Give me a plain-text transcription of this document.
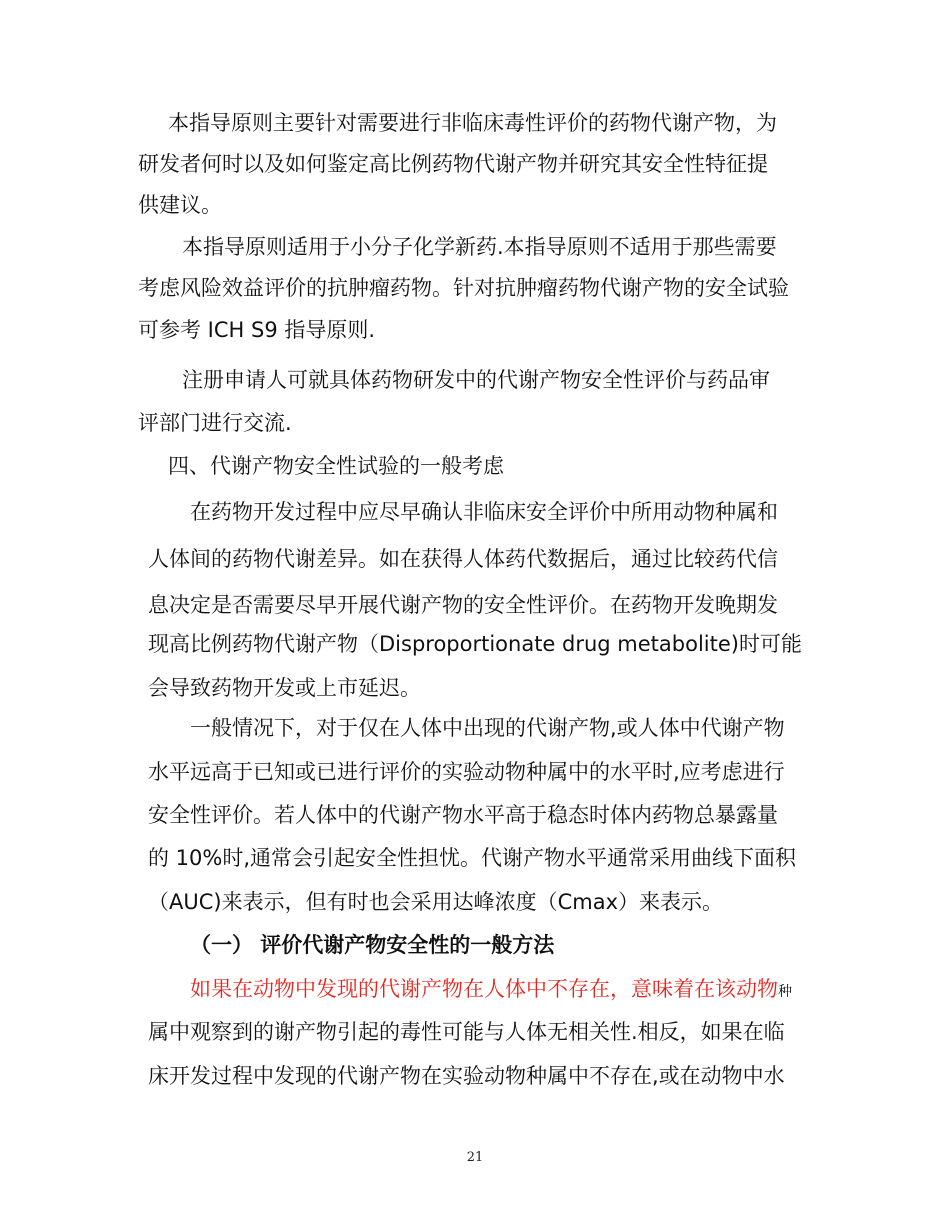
本指导原则主要针对需要进行非临床毒性评价的药物代谢产物，为
研发者何时以及如何鉴定高比例药物代谢产物并研究其安全性特征提
供建议。
本指导原则适用于小分子化学新药.本指导原则不适用于那些需要
考虑风险效益评价的抗肿瘤药物。针对抗肿瘤药物代谢产物的安全试验
可参考 ICH S9 指导原则.
注册申请人可就具体药物研发中的代谢产物安全性评价与药品审
评部门进行交流.
四、代谢产物安全性试验的一般考虑
在药物开发过程中应尽早确认非临床安全评价中所用动物种属和
人体间的药物代谢差异。如在获得人体药代数据后，通过比较药代信
息决定是否需要尽早开展代谢产物的安全性评价。在药物开发晚期发
现高比例药物代谢产物（Disproportionate drug metabolite)时可能
会导致药物开发或上市延迟。
一般情况下，对于仅在人体中出现的代谢产物,或人体中代谢产物
水平远高于已知或已进行评价的实验动物种属中的水平时,应考虑进行
安全性评价。若人体中的代谢产物水平高于稳态时体内药物总暴露量
的 10%时,通常会引起安全性担忧。代谢产物水平通常采用曲线下面积
（AUC)来表示，但有时也会采用达峰浓度（Cmax）来表示。
（一） 评价代谢产物安全性的一般方法
如果在动物中发现的代谢产物在人体中不存在，意味着在该动物种
属中观察到的谢产物引起的毒性可能与人体无相关性.相反，如果在临
床开发过程中发现的代谢产物在实验动物种属中不存在,或在动物中水
21
